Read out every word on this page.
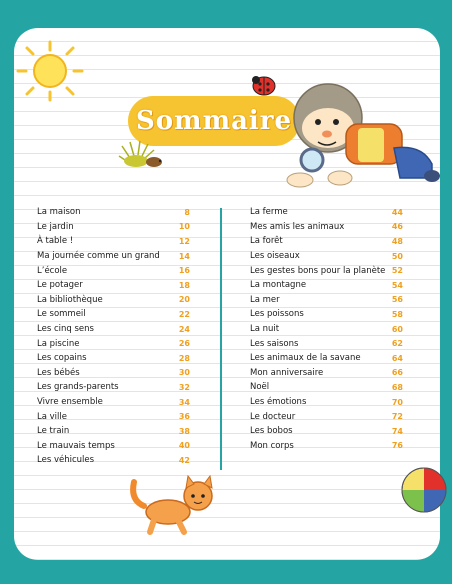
Sommaire
La maison	8
Le jardin	10
À table !	12
Ma journée comme un grand 14
L’école	16
Le potager	18
La bibliothèque	20
Le sommeil	22
Les cinq sens	24
La piscine	26
Les copains	28
Les bébés	30
Les grands-parents	32
Vivre ensemble	34
La ville	36
Le train	38
Le mauvais temps	40
Les véhicules	42
La ferme	44
Mes amis les animaux	46
La forêt	48
Les oiseaux	50
Les gestes bons pour la planète 52
La montagne	54
La mer	56
Les poissons	58
La nuit	60
Les saisons	62
Les animaux de la savane	64
Mon anniversaire	66
Noël	68
Les émotions	70
Le docteur	72
Les bobos	74
Mon corps	76
